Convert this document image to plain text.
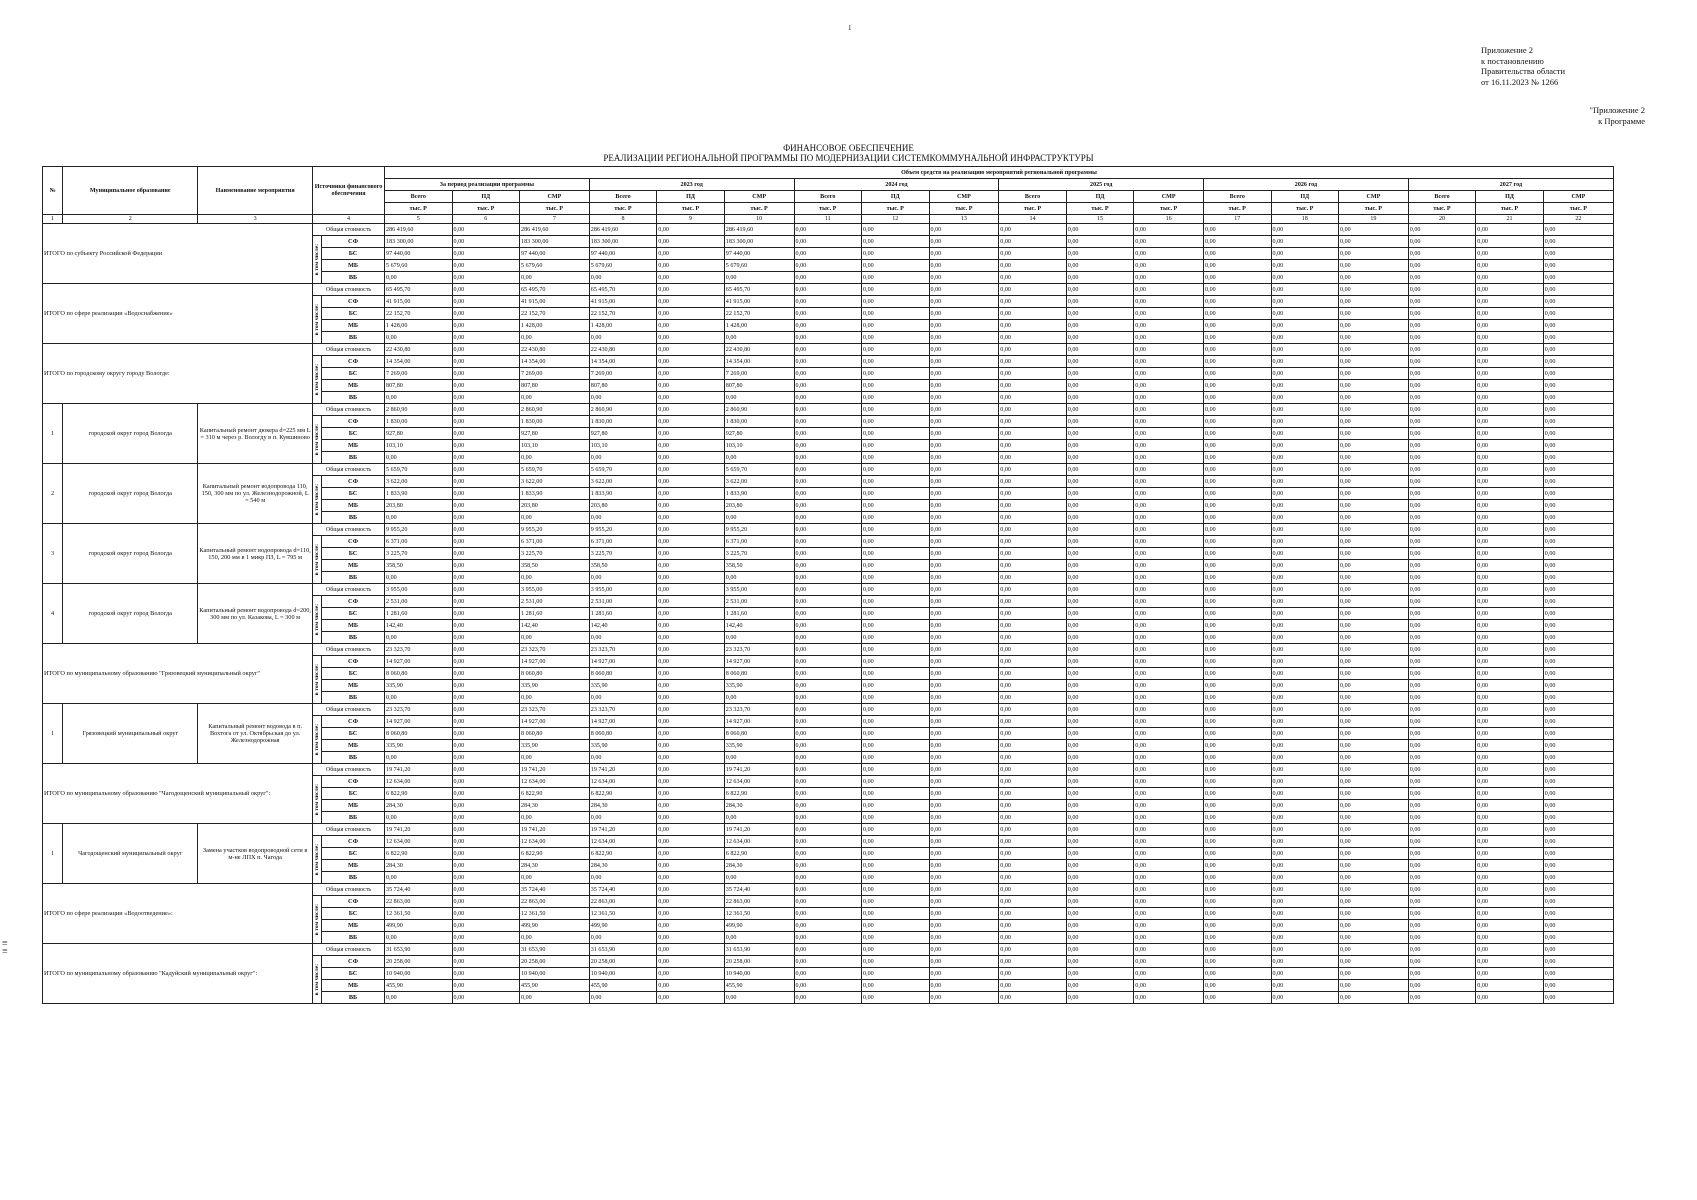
1
Приложение 2
к постановлению
Правительства области
от 16.11.2023 № 1266
"Приложение 2
к Программе
ФИНАНСОВОЕ ОБЕСПЕЧЕНИЕ
РЕАЛИЗАЦИИ РЕГИОНАЛЬНОЙ ПРОГРАММЫ ПО МОДЕРНИЗАЦИИ СИСТЕМКОММУНАЛЬНОЙ ИНФРАСТРУКТУРЫ
№	Муниципальное образование	Наименование мероприятия	Источники финансового обеспечения		Объем средств на реализацию мероприятий региональной программы																	
					За период реализации программы			2023 год			2024 год			2025 год			2026 год			2027 год		
					Всего	ПД	СМР	Всего	ПД	СМР	Всего	ПД	СМР	Всего	ПД	СМР	Всего	ПД	СМР	Всего	ПД	СМР
					тыс. Р	тыс. Р	тыс. Р	тыс. Р	тыс. Р	тыс. Р	тыс. Р	тыс. Р	тыс. Р	тыс. Р	тыс. Р	тыс. Р	тыс. Р	тыс. Р	тыс. Р	тыс. Р	тыс. Р	тыс. Р
1	2	3	4		5	6	7	8	9	10	11	12	13	14	15	16	17	18	19	20	21	22
ИТОГО по субъекту Российской Федерации			Общая стоимость		286 419,60	0,00	286 419,60	286 419,60	0,00	286 419,60	0,00	0,00	0,00	0,00	0,00	0,00	0,00	0,00	0,00	0,00	0,00	0,00

			в том числе:	СФ	183 300,00	0,00	183 300,00	183 300,00	0,00	183 300,00	0,00	0,00	0,00	0,00	0,00	0,00	0,00	0,00	0,00	0,00	0,00	0,00
				БС	97 440,00	0,00	97 440,00	97 440,00	0,00	97 440,00	0,00	0,00	0,00	0,00	0,00	0,00	0,00	0,00	0,00	0,00	0,00	0,00
				МБ	5 679,60	0,00	5 679,60	5 679,60	0,00	5 679,60	0,00	0,00	0,00	0,00	0,00	0,00	0,00	0,00	0,00	0,00	0,00	0,00
				ВБ	0,00	0,00	0,00	0,00	0,00	0,00	0,00	0,00	0,00	0,00	0,00	0,00	0,00	0,00	0,00	0,00	0,00	0,00
ИТОГО по сфере реализации «Водоснабжение»			Общая стоимость		65 495,70	0,00	65 495,70	65 495,70	0,00	65 495,70	0,00	0,00	0,00	0,00	0,00	0,00	0,00	0,00	0,00	0,00	0,00	0,00

			в том числе:	СФ	41 915,00	0,00	41 915,00	41 915,00	0,00	41 915,00	0,00	0,00	0,00	0,00	0,00	0,00	0,00	0,00	0,00	0,00	0,00	0,00
				БС	22 152,70	0,00	22 152,70	22 152,70	0,00	22 152,70	0,00	0,00	0,00	0,00	0,00	0,00	0,00	0,00	0,00	0,00	0,00	0,00
				МБ	1 428,00	0,00	1 428,00	1 428,00	0,00	1 428,00	0,00	0,00	0,00	0,00	0,00	0,00	0,00	0,00	0,00	0,00	0,00	0,00
				ВБ	0,00	0,00	0,00	0,00	0,00	0,00	0,00	0,00	0,00	0,00	0,00	0,00	0,00	0,00	0,00	0,00	0,00	0,00
ИТОГО по городскому округу городу Вологде:			Общая стоимость		22 430,80	0,00	22 430,80	22 430,80	0,00	22 430,80	0,00	0,00	0,00	0,00	0,00	0,00	0,00	0,00	0,00	0,00	0,00	0,00

			в том числе:	СФ	14 354,00	0,00	14 354,00	14 354,00	0,00	14 354,00	0,00	0,00	0,00	0,00	0,00	0,00	0,00	0,00	0,00	0,00	0,00	0,00
				БС	7 269,00	0,00	7 269,00	7 269,00	0,00	7 269,00	0,00	0,00	0,00	0,00	0,00	0,00	0,00	0,00	0,00	0,00	0,00	0,00
				МБ	807,80	0,00	807,80	807,80	0,00	807,80	0,00	0,00	0,00	0,00	0,00	0,00	0,00	0,00	0,00	0,00	0,00	0,00
				ВБ	0,00	0,00	0,00	0,00	0,00	0,00	0,00	0,00	0,00	0,00	0,00	0,00	0,00	0,00	0,00	0,00	0,00	0,00
1	городской округ город Вологда	Капитальный ремонт дюкера d=225 мм L = 310 м через р. Вологду в п. Кувшиново	Общая стоимость		2 860,90	0,00	2 860,90	2 860,90	0,00	2 860,90	0,00	0,00	0,00	0,00	0,00	0,00	0,00	0,00	0,00	0,00	0,00	0,00

			в том числе:	СФ	1 830,00	0,00	1 830,00	1 830,00	0,00	1 830,00	0,00	0,00	0,00	0,00	0,00	0,00	0,00	0,00	0,00	0,00	0,00	0,00
				БС	927,80	0,00	927,80	927,80	0,00	927,80	0,00	0,00	0,00	0,00	0,00	0,00	0,00	0,00	0,00	0,00	0,00	0,00
				МБ	103,10	0,00	103,10	103,10	0,00	103,10	0,00	0,00	0,00	0,00	0,00	0,00	0,00	0,00	0,00	0,00	0,00	0,00
				ВБ	0,00	0,00	0,00	0,00	0,00	0,00	0,00	0,00	0,00	0,00	0,00	0,00	0,00	0,00	0,00	0,00	0,00	0,00
2	городской округ город Вологда	Капитальный ремонт водопровода 110, 150, 300 мм по ул. Железнодорожной, L = 540 м	Общая стоимость		5 659,70	0,00	5 659,70	5 659,70	0,00	5 659,70	0,00	0,00	0,00	0,00	0,00	0,00	0,00	0,00	0,00	0,00	0,00	0,00

			в том числе:	СФ	3 622,00	0,00	3 622,00	3 622,00	0,00	3 622,00	0,00	0,00	0,00	0,00	0,00	0,00	0,00	0,00	0,00	0,00	0,00	0,00
				БС	1 833,90	0,00	1 833,90	1 833,90	0,00	1 833,90	0,00	0,00	0,00	0,00	0,00	0,00	0,00	0,00	0,00	0,00	0,00	0,00
				МБ	203,80	0,00	203,80	203,80	0,00	203,80	0,00	0,00	0,00	0,00	0,00	0,00	0,00	0,00	0,00	0,00	0,00	0,00
				ВБ	0,00	0,00	0,00	0,00	0,00	0,00	0,00	0,00	0,00	0,00	0,00	0,00	0,00	0,00	0,00	0,00	0,00	0,00
3	городской округ город Вологда	Капитальный ремонт водопровода d=110, 150, 200 мм в 1 микр ПЗ, L = 795 м	Общая стоимость		9 955,20	0,00	9 955,20	9 955,20	0,00	9 955,20	0,00	0,00	0,00	0,00	0,00	0,00	0,00	0,00	0,00	0,00	0,00	0,00

			в том числе:	СФ	6 371,00	0,00	6 371,00	6 371,00	0,00	6 371,00	0,00	0,00	0,00	0,00	0,00	0,00	0,00	0,00	0,00	0,00	0,00	0,00
				БС	3 225,70	0,00	3 225,70	3 225,70	0,00	3 225,70	0,00	0,00	0,00	0,00	0,00	0,00	0,00	0,00	0,00	0,00	0,00	0,00
				МБ	358,50	0,00	358,50	358,50	0,00	358,50	0,00	0,00	0,00	0,00	0,00	0,00	0,00	0,00	0,00	0,00	0,00	0,00
				ВБ	0,00	0,00	0,00	0,00	0,00	0,00	0,00	0,00	0,00	0,00	0,00	0,00	0,00	0,00	0,00	0,00	0,00	0,00
4	городской округ город Вологда	Капитальный ремонт водопровода d=200, 300 мм по ул. Казакова, L = 300 м	Общая стоимость		3 955,00	0,00	3 955,00	3 955,00	0,00	3 955,00	0,00	0,00	0,00	0,00	0,00	0,00	0,00	0,00	0,00	0,00	0,00	0,00

			в том числе:	СФ	2 531,00	0,00	2 531,00	2 531,00	0,00	2 531,00	0,00	0,00	0,00	0,00	0,00	0,00	0,00	0,00	0,00	0,00	0,00	0,00
				БС	1 281,60	0,00	1 281,60	1 281,60	0,00	1 281,60	0,00	0,00	0,00	0,00	0,00	0,00	0,00	0,00	0,00	0,00	0,00	0,00
				МБ	142,40	0,00	142,40	142,40	0,00	142,40	0,00	0,00	0,00	0,00	0,00	0,00	0,00	0,00	0,00	0,00	0,00	0,00
				ВБ	0,00	0,00	0,00	0,00	0,00	0,00	0,00	0,00	0,00	0,00	0,00	0,00	0,00	0,00	0,00	0,00	0,00	0,00
ИТОГО по муниципальному образованию "Грязовецкий муниципальный округ"			Общая стоимость		23 323,70	0,00	23 323,70	23 323,70	0,00	23 323,70	0,00	0,00	0,00	0,00	0,00	0,00	0,00	0,00	0,00	0,00	0,00	0,00

			в том числе:	СФ	14 927,00	0,00	14 927,00	14 927,00	0,00	14 927,00	0,00	0,00	0,00	0,00	0,00	0,00	0,00	0,00	0,00	0,00	0,00	0,00
				БС	8 060,80	0,00	8 060,80	8 060,80	0,00	8 060,80	0,00	0,00	0,00	0,00	0,00	0,00	0,00	0,00	0,00	0,00	0,00	0,00
				МБ	335,90	0,00	335,90	335,90	0,00	335,90	0,00	0,00	0,00	0,00	0,00	0,00	0,00	0,00	0,00	0,00	0,00	0,00
				ВБ	0,00	0,00	0,00	0,00	0,00	0,00	0,00	0,00	0,00	0,00	0,00	0,00	0,00	0,00	0,00	0,00	0,00	0,00
1	Грязовецкий муниципальный округ	Капитальный ремонт водовода в п. Вохтога от ул. Октябрьская до ул. Железнодорожная	Общая стоимость		23 323,70	0,00	23 323,70	23 323,70	0,00	23 323,70	0,00	0,00	0,00	0,00	0,00	0,00	0,00	0,00	0,00	0,00	0,00	0,00

			в том числе:	СФ	14 927,00	0,00	14 927,00	14 927,00	0,00	14 927,00	0,00	0,00	0,00	0,00	0,00	0,00	0,00	0,00	0,00	0,00	0,00	0,00
				БС	8 060,80	0,00	8 060,80	8 060,80	0,00	8 060,80	0,00	0,00	0,00	0,00	0,00	0,00	0,00	0,00	0,00	0,00	0,00	0,00
				МБ	335,90	0,00	335,90	335,90	0,00	335,90	0,00	0,00	0,00	0,00	0,00	0,00	0,00	0,00	0,00	0,00	0,00	0,00
				ВБ	0,00	0,00	0,00	0,00	0,00	0,00	0,00	0,00	0,00	0,00	0,00	0,00	0,00	0,00	0,00	0,00	0,00	0,00
ИТОГО по муниципальному образованию "Чагодощенский муниципальный округ":			Общая стоимость		19 741,20	0,00	19 741,20	19 741,20	0,00	19 741,20	0,00	0,00	0,00	0,00	0,00	0,00	0,00	0,00	0,00	0,00	0,00	0,00

			в том числе:	СФ	12 634,00	0,00	12 634,00	12 634,00	0,00	12 634,00	0,00	0,00	0,00	0,00	0,00	0,00	0,00	0,00	0,00	0,00	0,00	0,00
				БС	6 822,90	0,00	6 822,90	6 822,90	0,00	6 822,90	0,00	0,00	0,00	0,00	0,00	0,00	0,00	0,00	0,00	0,00	0,00	0,00
				МБ	284,30	0,00	284,30	284,30	0,00	284,30	0,00	0,00	0,00	0,00	0,00	0,00	0,00	0,00	0,00	0,00	0,00	0,00
				ВБ	0,00	0,00	0,00	0,00	0,00	0,00	0,00	0,00	0,00	0,00	0,00	0,00	0,00	0,00	0,00	0,00	0,00	0,00
1	Чагодощенский муниципальный округ	Замена участков водопроводной сети в м-не ЛПХ п. Чагода	Общая стоимость		19 741,20	0,00	19 741,20	19 741,20	0,00	19 741,20	0,00	0,00	0,00	0,00	0,00	0,00	0,00	0,00	0,00	0,00	0,00	0,00

			в том числе:	СФ	12 634,00	0,00	12 634,00	12 634,00	0,00	12 634,00	0,00	0,00	0,00	0,00	0,00	0,00	0,00	0,00	0,00	0,00	0,00	0,00
				БС	6 822,90	0,00	6 822,90	6 822,90	0,00	6 822,90	0,00	0,00	0,00	0,00	0,00	0,00	0,00	0,00	0,00	0,00	0,00	0,00
				МБ	284,30	0,00	284,30	284,30	0,00	284,30	0,00	0,00	0,00	0,00	0,00	0,00	0,00	0,00	0,00	0,00	0,00	0,00
				ВБ	0,00	0,00	0,00	0,00	0,00	0,00	0,00	0,00	0,00	0,00	0,00	0,00	0,00	0,00	0,00	0,00	0,00	0,00
ИТОГО по сфере реализации «Водоотведение»:			Общая стоимость		35 724,40	0,00	35 724,40	35 724,40	0,00	35 724,40	0,00	0,00	0,00	0,00	0,00	0,00	0,00	0,00	0,00	0,00	0,00	0,00

			в том числе:	СФ	22 863,00	0,00	22 863,00	22 863,00	0,00	22 863,00	0,00	0,00	0,00	0,00	0,00	0,00	0,00	0,00	0,00	0,00	0,00	0,00
				БС	12 361,50	0,00	12 361,50	12 361,50	0,00	12 361,50	0,00	0,00	0,00	0,00	0,00	0,00	0,00	0,00	0,00	0,00	0,00	0,00
				МБ	499,90	0,00	499,90	499,90	0,00	499,90	0,00	0,00	0,00	0,00	0,00	0,00	0,00	0,00	0,00	0,00	0,00	0,00
				ВБ	0,00	0,00	0,00	0,00	0,00	0,00	0,00	0,00	0,00	0,00	0,00	0,00	0,00	0,00	0,00	0,00	0,00	0,00
ИТОГО по муниципальному образованию "Кадуйский муниципальный округ":			Общая стоимость		31 653,90	0,00	31 653,90	31 653,90	0,00	31 653,90	0,00	0,00	0,00	0,00	0,00	0,00	0,00	0,00	0,00	0,00	0,00	0,00

			в том числе:	СФ	20 258,00	0,00	20 258,00	20 258,00	0,00	20 258,00	0,00	0,00	0,00	0,00	0,00	0,00	0,00	0,00	0,00	0,00	0,00	0,00
				БС	10 940,00	0,00	10 940,00	10 940,00	0,00	10 940,00	0,00	0,00	0,00	0,00	0,00	0,00	0,00	0,00	0,00	0,00	0,00	0,00
				МБ	455,90	0,00	455,90	455,90	0,00	455,90	0,00	0,00	0,00	0,00	0,00	0,00	0,00	0,00	0,00	0,00	0,00	0,00
				ВБ	0,00	0,00	0,00	0,00	0,00	0,00	0,00	0,00	0,00	0,00	0,00	0,00	0,00	0,00	0,00	0,00	0,00	0,00
≡
≡
